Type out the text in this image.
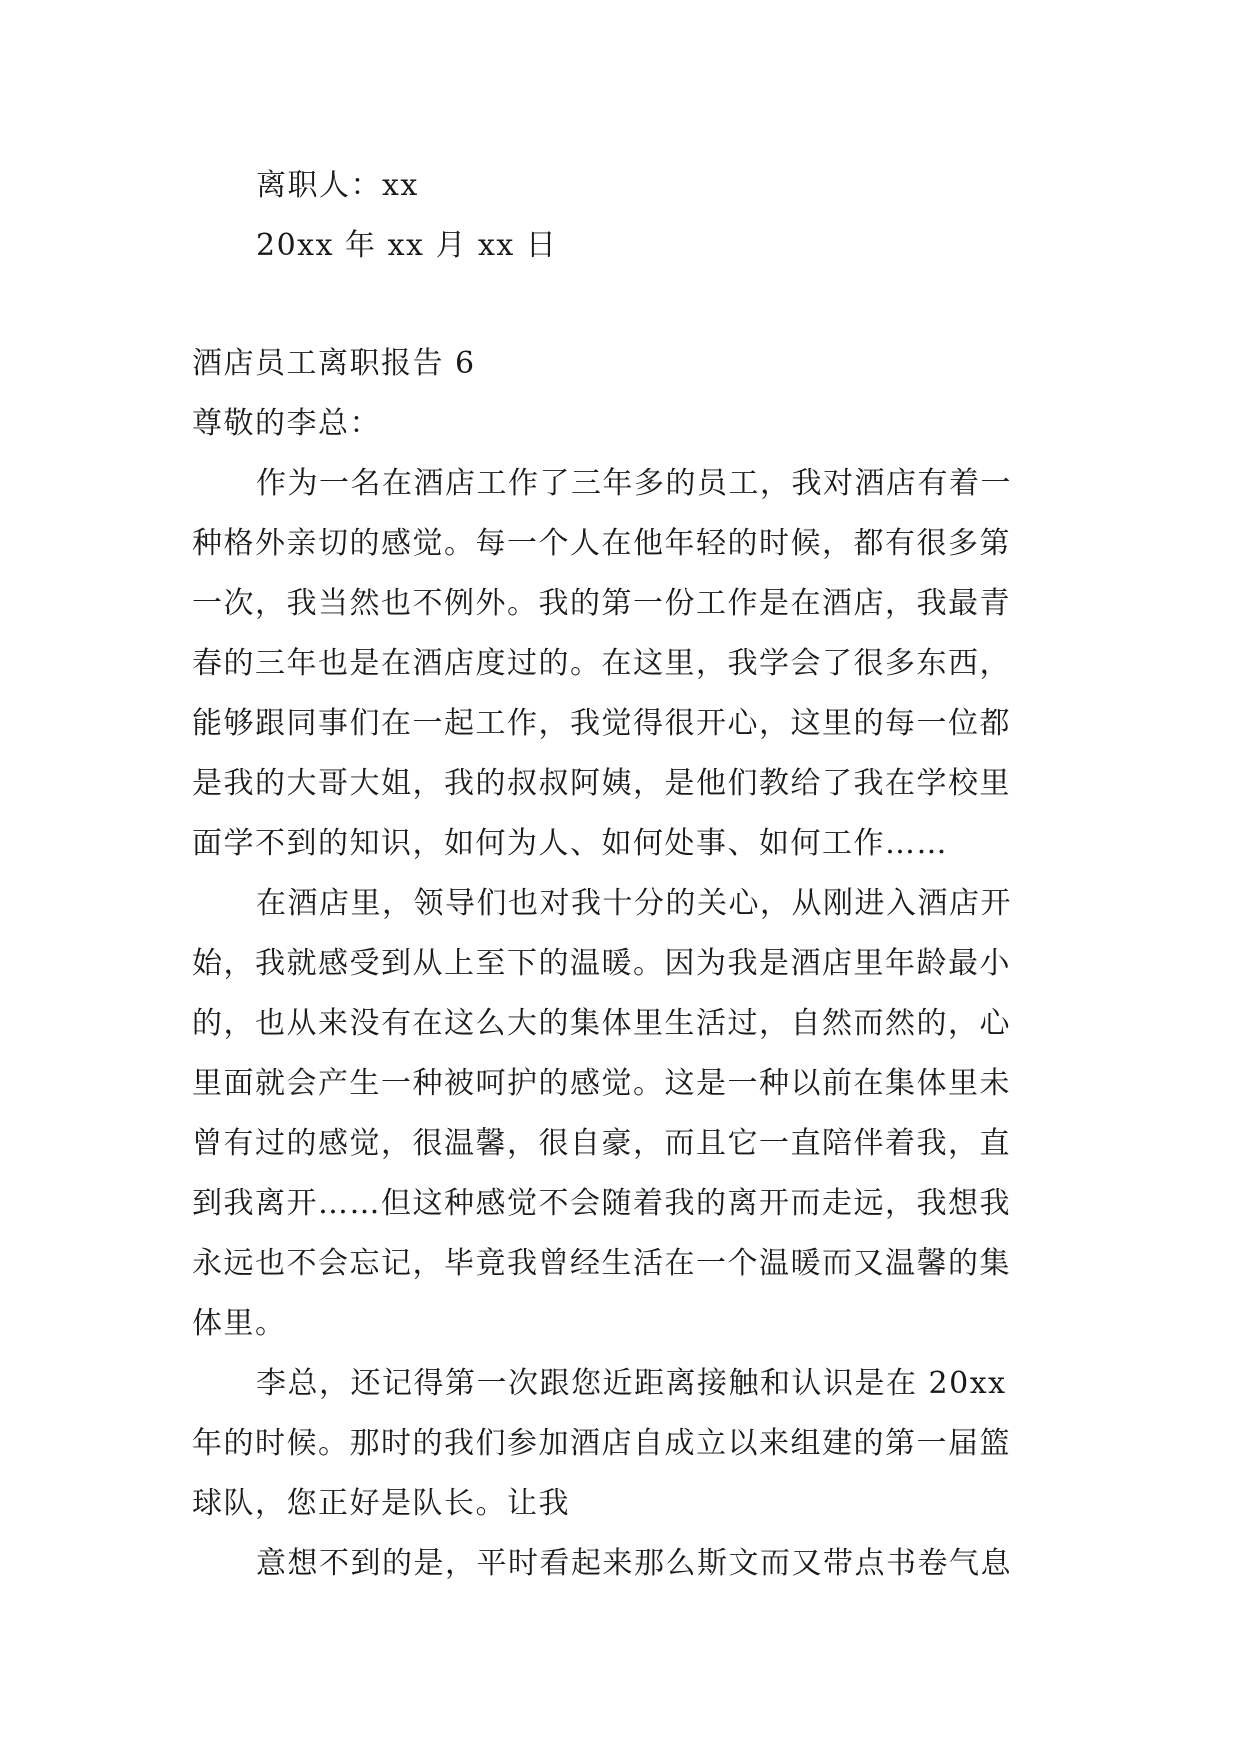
离职人：xx
20xx 年 xx 月 xx 日
酒店员工离职报告 6
尊敬的李总：
作为一名在酒店工作了三年多的员工，我对酒店有着一
种格外亲切的感觉。每一个人在他年轻的时候，都有很多第
一次，我当然也不例外。我的第一份工作是在酒店，我最青
春的三年也是在酒店度过的。在这里，我学会了很多东西，
能够跟同事们在一起工作，我觉得很开心，这里的每一位都
是我的大哥大姐，我的叔叔阿姨，是他们教给了我在学校里
面学不到的知识，如何为人、如何处事、如何工作……
在酒店里，领导们也对我十分的关心，从刚进入酒店开
始，我就感受到从上至下的温暖。因为我是酒店里年龄最小
的，也从来没有在这么大的集体里生活过，自然而然的，心
里面就会产生一种被呵护的感觉。这是一种以前在集体里未
曾有过的感觉，很温馨，很自豪，而且它一直陪伴着我，直
到我离开……但这种感觉不会随着我的离开而走远，我想我
永远也不会忘记，毕竟我曾经生活在一个温暖而又温馨的集
体里。
李总，还记得第一次跟您近距离接触和认识是在 20xx
年的时候。那时的我们参加酒店自成立以来组建的第一届篮
球队，您正好是队长。让我
意想不到的是，平时看起来那么斯文而又带点书卷气息
